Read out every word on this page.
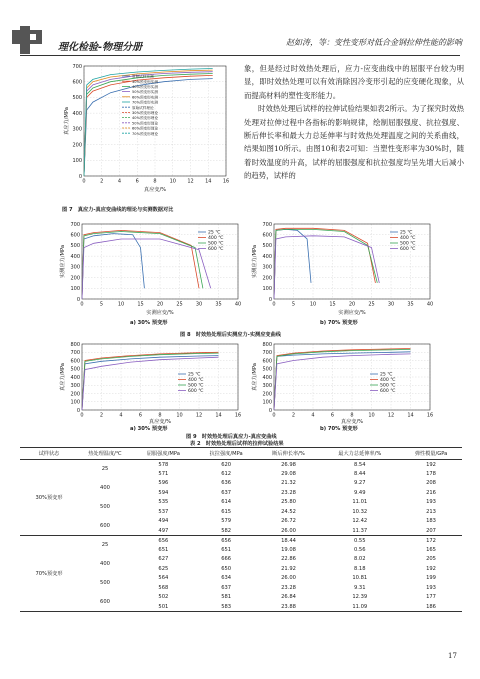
理化检验-物理分册	赵如涛，等：变性变形对低合金钢拉伸性能的影响
0
100
200
300
400
500
600
700
0	2	4	6	8	10 12 14 16
真应变/%
真应力/MPa
原始试样实测
30%预变形实测
40%预变形实测
50%预变形实测
60%预变形实测
70%预变形实测
原始试样理论
30%预变形理论
40%预变形理论
50%预变形理论
60%预变形理论
70%预变形理论
图 7　真应力-真应变曲线的理论与实测数据对比

象，但是经过时效热处理后，应力-应变曲线中的屈服平台较为明显，即时效热处理可以有效消除因冷变形引起的应变硬化现象，从而提高材料的塑性变形能力。

时效热处理后试样的拉伸试验结果如表2所示。为了探究时效热处理对拉伸过程中各指标的影响规律，绘制屈服强度、抗拉强度、断后伸长率和最大力总延伸率与时效热处理温度之间的关系曲线，结果如图10所示。由图10和表2可知：当塑性变形率为30%时，随着时效温度的升高，试样的屈服强度和抗拉强度均呈先增大后减小的趋势，试样的

0
100
200
300
400
500
600
700
0	5	10	15	20	25	30	35	40
实测应变/%
实测应力/MPa
25 ℃
400 ℃
500 ℃
600 ℃
0
100
200
300
400
500
600
700
0	5	10	15	20	25	30	35	40
实测应变/%
实测应力/MPa
25 ℃
400 ℃
500 ℃
600 ℃
a) 30% 预变形	b) 70% 预变形
图 8　时效热处理后实测应力-实测应变曲线
0
100
200
300
400
500
600
700
800
0	2	4	6	8	10	12	14	16
真应变/%
真应力/MPa	25 ℃
400 ℃
500 ℃
600 ℃
0
100
200
300
400
500
600
700
800
0	2	4	6	8	10	12	14	16
真应变/%
真应力/MPa	25 ℃
400 ℃
500 ℃
600 ℃
a) 30% 预变形	b) 70% 预变形
图 9　时效热处理后真应力-真应变曲线
表 2　时效热处理后试样的拉伸试验结果
试样状态	热处理温度/℃	屈服强度/MPa	抗拉强度/MPa	断后伸长率/%	最大力总延伸率/%	弹性模量/GPa
30%预变形	25	578	620	26.98	8.54	192
		571	612	29.08	8.44	178
	400	596	636	21.32	9.27	208
		594	637	23.28	9.49	216
	500	535	614	25.80	11.01	193
		537	615	24.52	10.32	213
	600	494	579	26.72	12.42	183
		497	582	26.00	11.37	207
70%预变形	25	656	656	18.44	0.55	172
		651	651	19.08	0.56	165
	400	627	666	22.86	8.02	205
		625	650	21.92	8.18	192
	500	564	634	26.00	10.81	199
		568	637	23.28	9.31	193
	600	502	581	26.84	12.39	177
		501	583	23.88	11.09	186
17
